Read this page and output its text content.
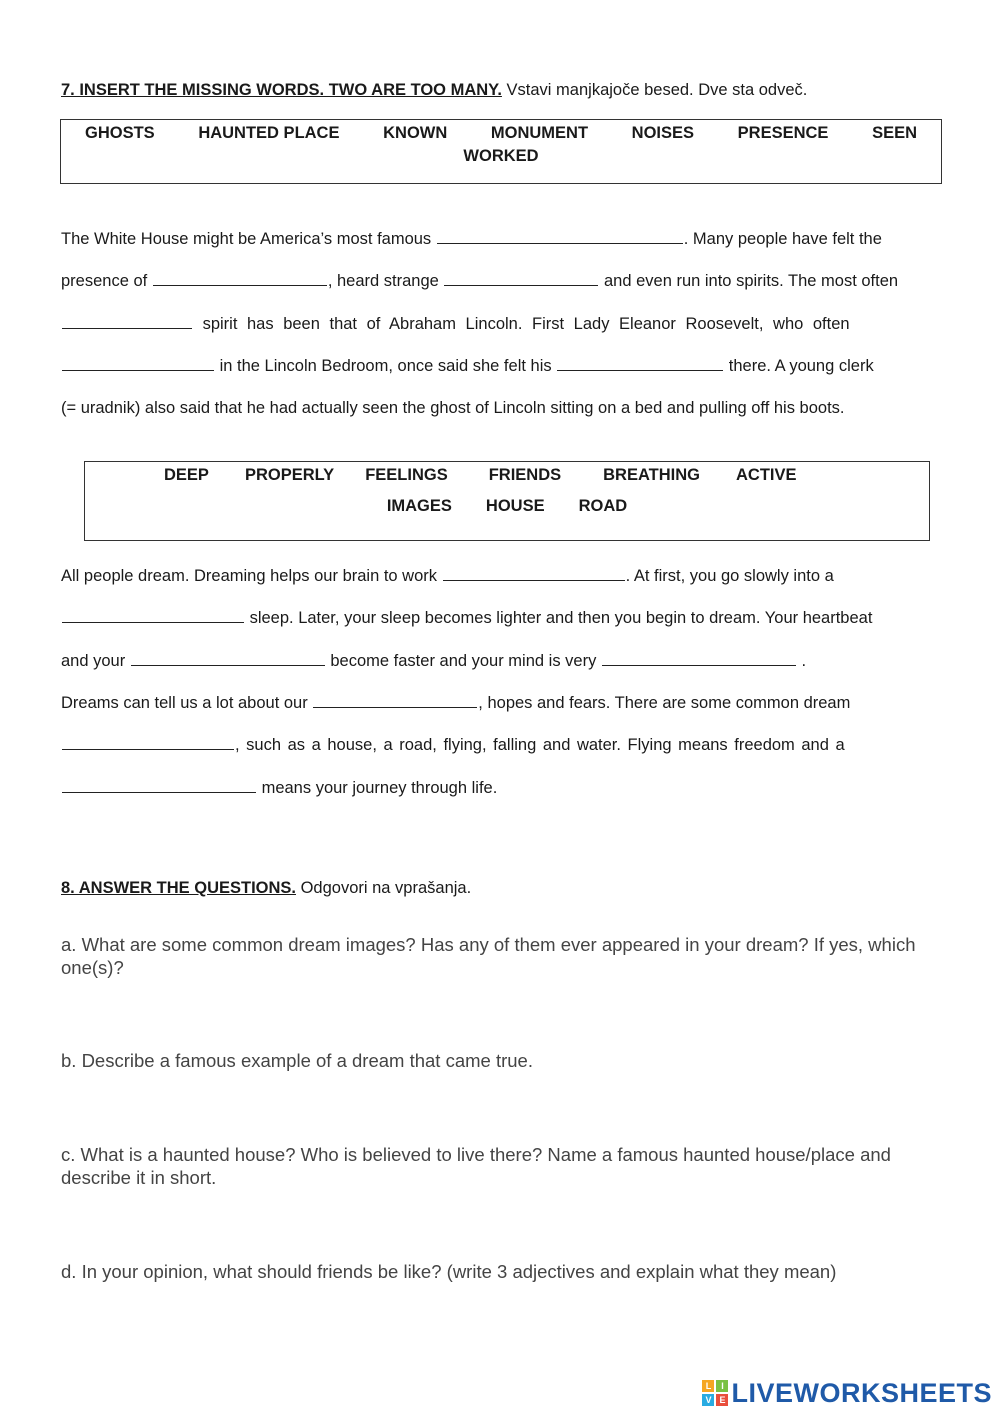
7. INSERT THE MISSING WORDS. TWO ARE TOO MANY. Vstavi manjkajoče besed. Dve sta odveč.
GHOSTS	HAUNTED PLACE	KNOWN	MONUMENT	NOISES	PRESENCE	SEEN
WORKED
The White House might be America’s most famous	. Many people have felt the
presence of	, heard strange	and even run into spirits. The most often
spirit has been that of Abraham Lincoln. First Lady Eleanor Roosevelt, who often
in the Lincoln Bedroom, once said she felt his	there. A young clerk
(= uradnik) also said that he had actually seen the ghost of Lincoln sitting on a bed and pulling off his boots.
DEEP PROPERLY FEELINGS FRIENDS	BREATHING ACTIVE
IMAGES HOUSE ROAD
All people dream. Dreaming helps our brain to work	. At first, you go slowly into a
sleep. Later, your sleep becomes lighter and then you begin to dream. Your heartbeat
and your	become faster and your mind is very	.
Dreams can tell us a lot about our	, hopes and fears. There are some common dream
, such as a house, a road, flying, falling and water. Flying means freedom and a
means your journey through life.
8. ANSWER THE QUESTIONS. Odgovori na vprašanja.
a. What are some common dream images? Has any of them ever appeared in your dream? If yes, which one(s)?
b. Describe a famous example of a dream that came true.
c. What is a haunted house? Who is believed to live there? Name a famous haunted house/place and describe it in short.
d. In your opinion, what should friends be like? (write 3 adjectives and explain what they mean)
L	I
V E LIVEWORKSHEETS
